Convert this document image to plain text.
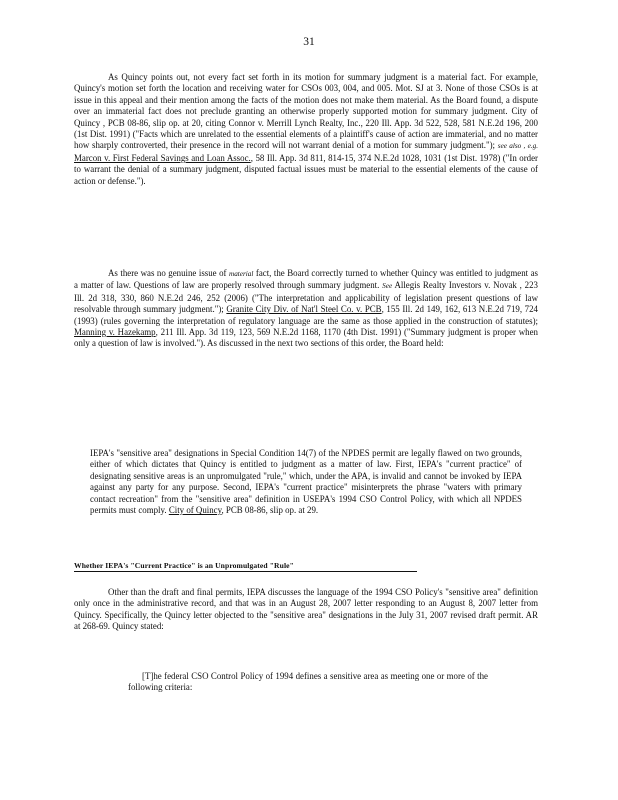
31

As Quincy points out, not every fact set forth in its motion for summary judgment is a material fact. For example, Quincy's motion set forth the location and receiving water for CSOs 003, 004, and 005. Mot. SJ at 3. None of those CSOs is at issue in this appeal and their mention among the facts of the motion does not make them material. As the Board found, a dispute over an immaterial fact does not preclude granting an otherwise properly supported motion for summary judgment. City of Quincy , PCB 08-86, slip op. at 20, citing Connor v. Merrill Lynch Realty, Inc., 220 Ill. App. 3d 522, 528, 581 N.E.2d 196, 200 (1st Dist. 1991) ("Facts which are unrelated to the essential elements of a plaintiff's cause of action are immaterial, and no matter how sharply controverted, their presence in the record will not warrant denial of a motion for summary judgment."); see also , e.g. Marcon v. First Federal Savings and Loan Assoc., 58 Ill. App. 3d 811, 814-15, 374 N.E.2d 1028, 1031 (1st Dist. 1978) ("In order to warrant the denial of a summary judgment, disputed factual issues must be material to the essential elements of the cause of action or defense.").

As there was no genuine issue of material fact, the Board correctly turned to whether Quincy was entitled to judgment as a matter of law. Questions of law are properly resolved through summary judgment. See Allegis Realty Investors v. Novak , 223 Ill. 2d 318, 330, 860 N.E.2d 246, 252 (2006) ("The interpretation and applicability of legislation present questions of law resolvable through summary judgment."); Granite City Div. of Nat'l Steel Co. v. PCB, 155 Ill. 2d 149, 162, 613 N.E.2d 719, 724 (1993) (rules governing the interpretation of regulatory language are the same as those applied in the construction of statutes); Manning v. Hazekamp, 211 Ill. App. 3d 119, 123, 569 N.E.2d 1168, 1170 (4th Dist. 1991) ("Summary judgment is proper when only a question of law is involved."). As discussed in the next two sections of this order, the Board held:

IEPA's "sensitive area" designations in Special Condition 14(7) of the NPDES permit are legally flawed on two grounds, either of which dictates that Quincy is entitled to judgment as a matter of law. First, IEPA's "current practice" of designating sensitive areas is an unpromulgated "rule," which, under the APA, is invalid and cannot be invoked by IEPA against any party for any purpose. Second, IEPA's "current practice" misinterprets the phrase "waters with primary contact recreation" from the "sensitive area" definition in USEPA's 1994 CSO Control Policy, with which all NPDES permits must comply. City of Quincy, PCB 08-86, slip op. at 29.

Whether IEPA's "Current Practice" is an Unpromulgated "Rule"

Other than the draft and final permits, IEPA discusses the language of the 1994 CSO Policy's "sensitive area" definition only once in the administrative record, and that was in an August 28, 2007 letter responding to an August 8, 2007 letter from Quincy. Specifically, the Quincy letter objected to the "sensitive area" designations in the July 31, 2007 revised draft permit. AR at 268-69. Quincy stated:

[T]he federal CSO Control Policy of 1994 defines a sensitive area as meeting one or more of the following criteria:
